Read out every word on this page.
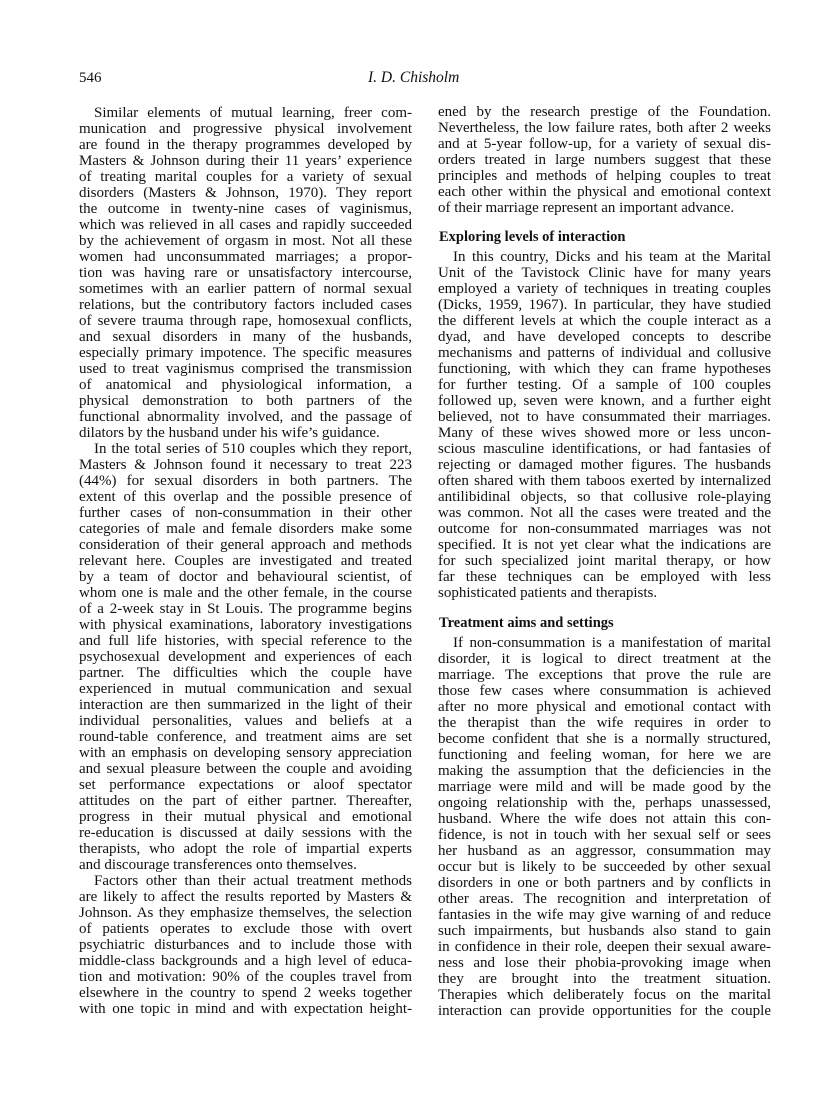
546	I. D. Chisholm
Similar elements of mutual learning, freer com-
munication and progressive physical involvement
are found in the therapy programmes developed by
Masters & Johnson during their 11 years’ experience
of treating marital couples for a variety of sexual
disorders (Masters & Johnson, 1970). They report
the outcome in twenty-nine cases of vaginismus,
which was relieved in all cases and rapidly succeeded
by the achievement of orgasm in most. Not all these
women had unconsummated marriages; a propor-
tion was having rare or unsatisfactory intercourse,
sometimes with an earlier pattern of normal sexual
relations, but the contributory factors included cases
of severe trauma through rape, homosexual conflicts,
and sexual disorders in many of the husbands,
especially primary impotence. The specific measures
used to treat vaginismus comprised the transmission
of anatomical and physiological information, a
physical demonstration to both partners of the
functional abnormality involved, and the passage of
dilators by the husband under his wife’s guidance.
In the total series of 510 couples which they report,
Masters & Johnson found it necessary to treat 223
(44%) for sexual disorders in both partners. The
extent of this overlap and the possible presence of
further cases of non-consummation in their other
categories of male and female disorders make some
consideration of their general approach and methods
relevant here. Couples are investigated and treated
by a team of doctor and behavioural scientist, of
whom one is male and the other female, in the course
of a 2-week stay in St Louis. The programme begins
with physical examinations, laboratory investigations
and full life histories, with special reference to the
psychosexual development and experiences of each
partner. The difficulties which the couple have
experienced in mutual communication and sexual
interaction are then summarized in the light of their
individual personalities, values and beliefs at a
round-table conference, and treatment aims are set
with an emphasis on developing sensory appreciation
and sexual pleasure between the couple and avoiding
set performance expectations or aloof spectator
attitudes on the part of either partner. Thereafter,
progress in their mutual physical and emotional
re-education is discussed at daily sessions with the
therapists, who adopt the role of impartial experts
and discourage transferences onto themselves.
Factors other than their actual treatment methods
are likely to affect the results reported by Masters &
Johnson. As they emphasize themselves, the selection
of patients operates to exclude those with overt
psychiatric disturbances and to include those with
middle-class backgrounds and a high level of educa-
tion and motivation: 90% of the couples travel from
elsewhere in the country to spend 2 weeks together
with one topic in mind and with expectation height-
ened by the research prestige of the Foundation.
Nevertheless, the low failure rates, both after 2 weeks
and at 5-year follow-up, for a variety of sexual dis-
orders treated in large numbers suggest that these
principles and methods of helping couples to treat
each other within the physical and emotional context
of their marriage represent an important advance.
Exploring levels of interaction
In this country, Dicks and his team at the Marital
Unit of the Tavistock Clinic have for many years
employed a variety of techniques in treating couples
(Dicks, 1959, 1967). In particular, they have studied
the different levels at which the couple interact as a
dyad, and have developed concepts to describe
mechanisms and patterns of individual and collusive
functioning, with which they can frame hypotheses
for further testing. Of a sample of 100 couples
followed up, seven were known, and a further eight
believed, not to have consummated their marriages.
Many of these wives showed more or less uncon-
scious masculine identifications, or had fantasies of
rejecting or damaged mother figures. The husbands
often shared with them taboos exerted by internalized
antilibidinal objects, so that collusive role-playing
was common. Not all the cases were treated and the
outcome for non-consummated marriages was not
specified. It is not yet clear what the indications are
for such specialized joint marital therapy, or how
far these techniques can be employed with less
sophisticated patients and therapists.
Treatment aims and settings
If non-consummation is a manifestation of marital
disorder, it is logical to direct treatment at the
marriage. The exceptions that prove the rule are
those few cases where consummation is achieved
after no more physical and emotional contact with
the therapist than the wife requires in order to
become confident that she is a normally structured,
functioning and feeling woman, for here we are
making the assumption that the deficiencies in the
marriage were mild and will be made good by the
ongoing relationship with the, perhaps unassessed,
husband. Where the wife does not attain this con-
fidence, is not in touch with her sexual self or sees
her husband as an aggressor, consummation may
occur but is likely to be succeeded by other sexual
disorders in one or both partners and by conflicts in
other areas. The recognition and interpretation of
fantasies in the wife may give warning of and reduce
such impairments, but husbands also stand to gain
in confidence in their role, deepen their sexual aware-
ness and lose their phobia-provoking image when
they are brought into the treatment situation.
Therapies which deliberately focus on the marital
interaction can provide opportunities for the couple
